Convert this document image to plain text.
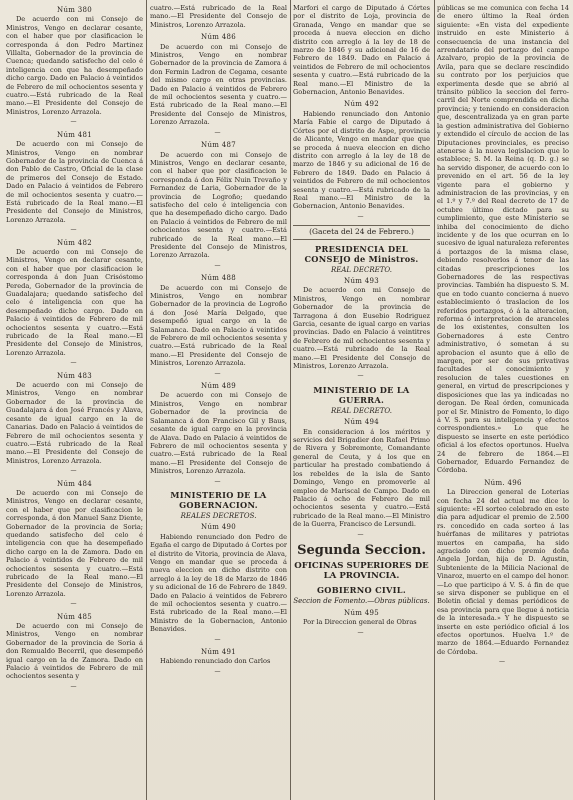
Núm 380

De acuerdo con mi Consejo de Ministros, Vengo en declarar cesante, con el haber que por clasificacion le corresponda á don Pedro Martinez Villalta, Gobernador de la provincia de Cuenca; quedando satisfecho del celo é inteligencia con que ha desempeñado dicho cargo. Dado en Palacio á veintidos de Febrero de mil ochocientos sesenta y cuatro.—Está rubricado de la Real mano.—El Presidente del Consejo de Ministros, Lorenzo Arrazola.

—
Núm 481

De acuerdo con mi Consejo de Ministros, Vengo en nombrar Gobernador de la provincia de Cuenca á don Pablo de Castro, Oficial de la clase de primeros del Consejo de Estado. Dado en Palacio á veintidos de Febrero de mil ochocientos sesenta y cuatro.—Está rubricado de la Real mano.—El Presidente del Consejo de Ministros, Lorenzo Arrazola.

—
Núm 482

De acuerdo con mi Consejo de Ministros, Vengo en declarar cesante, con el haber que por clasificacion le corresponda á don Juan Crisóstomo Pereda, Gobernador de la provincia de Guadalajara; quedando satisfecho del celo é inteligencia con que ha desempeñado dicho cargo. Dado en Palacio á veintidos de Febrero de mil ochocientos sesenta y cuatro.—Está rubricado de la Real mano.—El Presidente del Consejo de Ministros, Lorenzo Arrazola.

—
Núm 483

De acuerdo con mi Consejo de Ministros, Vengo en nombrar Gobernador de la provincia de Guadalajara á don José Francés y Alava, cesante de igual cargo en la de Canarias. Dado en Palacio á veintidos de Febrero de mil ochocientos sesenta y cuatro.—Está rubricado de la Real mano.—El Presidente del Consejo de Ministros, Lorenzo Arrazola.

—
Núm 484

De acuerdo con mi Consejo de Ministros, Vengo en declarar cesante, con el haber que por clasificacion le corresponda, á don Manuel Sanz Diente, Gobernador de la provincia de Soria; quedando satisfecho del celo é inteligencia con que ha desempeñado dicho cargo en la de Zamora. Dado en Palacio á veintidos de Febrero de mil ochocientos sesenta y cuatro.—Está rubricado de la Real mano.—El Presidente del Consejo de Ministros, Lorenzo Arrazola.

—
Núm 485

De acuerdo con mi Consejo de Ministros, Vengo en nombrar Gobernador de la provincia de Soria á don Remualdo Becerril, que desempeñó igual cargo en la de Zamora. Dado en Palacio á veintidos de Febrero de mil ochocientos sesenta y

—

cuatro.—Está rubricado de la Real mano.—El Presidente del Consejo de Ministros, Lorenzo Arrazola.

Núm 486

De acuerdo con mi Consejo de Ministros, Vengo en nombrar Gobernador de la provincia de Zamora á don Fermin Ladron de Cegama, cesante del mismo cargo en otras provincias. Dado en Palacio á veintidos de Febrero de mil ochocientos sesenta y cuatro.—Está rubricado de la Real mano.—El Presidente del Consejo de Ministros, Lorenzo Arrazola.

—
Núm 487

De acuerdo con mi Consejo de Ministros, Vengo en declarar cesante, con el haber que por clasificacion le corresponda á don Félix Nuin Trevaño y Fernandez de Laria, Gobernador de la provincia de Logroño; quedando satisfecho del celo é inteligencia con que ha desempeñado dicho cargo. Dado en Palacio á veintidos de Febrero de mil ochocientos sesenta y cuatro.—Está rubricado de la Real mano.—El Presidente del Consejo de Ministros, Lorenzo Arrazola.

—
Núm 488

De acuerdo con mi Consejo de Ministros, Vengo en nombrar Gobernador de la provincia de Logroño á don José María Delgado, que desempeñó igual cargo en la de Salamanca. Dado en Palacio á veintidos de Febrero de mil ochocientos sesenta y cuatro.—Está rubricado de la Real mano.—El Presidente del Consejo de Ministros, Lorenzo Arrazola.

—
Núm 489

De acuerdo con mi Consejo de Ministros, Vengo en nombrar Gobernador de la provincia de Salamanca á don Francisco Gil y Baus, cesante de igual cargo en la provincia de Alava. Dado en Palacio á veintidos de Febrero de mil ochocientos sesenta y cuatro.—Está rubricado de la Real mano.—El Presidente del Consejo de Ministros, Lorenzo Arrazola.

—
MINISTERIO DE LA GOBERNACION.
REALES DECRETOS.
Núm 490

Habiendo renunciado don Pedro de Egaña el cargo de Diputado á Cortes por el distrito de Vitoria, provincia de Alava, Vengo en mandar que se proceda á nueva eleccion en dicho distrito con arreglo á la ley de 18 de Marzo de 1846 y su adicional de 16 de Febrero de 1849. Dado en Palacio á veintidos de Febrero de mil ochocientos sesenta y cuatro.—Está rubricado de la Real mano.—El Ministro de la Gobernacion, Antonio Benavides.

—
Núm 491

Habiendo renunciado don Carlos

—

Marfori el cargo de Diputado á Córtes por el distrito de Loja, provincia de Granada, Vengo en mandar que se proceda á nueva eleccion en dicho distrito con arreglo á la ley de 18 de marzo de 1846 y su adicional de 16 de Febrero de 1849. Dado en Palacio á veintidos de Febrero de mil ochocientos sesenta y cuatro.—Está rubricado de la Real mano.—El Ministro de la Gobernacion, Antonio Benavides.

Núm 492

Habiendo renunciado don Antonio María Fabie el cargo de Diputado á Córtes por el distrito de Aspe, provincia de Alicante, Vengo en mandar que que se proceda á nueva eleccion en dicho distrito con arreglo á la ley de 18 de marzo de 1846 y su adicional de 16 de Febrero de 1849. Dado en Palacio á veintidos de Febrero de mil ochocientos sesenta y cuatro.—Está rubricado de la Real mano.—El Ministro de la Gobernacion, Antonio Benavides.

—
(Gaceta del 24 de Febrero.)
PRESIDENCIA DEL CONSEJO de Ministros.
REAL DECRETO.
Núm 493

De acuerdo con mi Consejo de Ministros, Vengo en nombrar Gobernador de la provincia de Tarragona á don Eusebio Rodriguez Garcia, cesante de igual cargo en varias provincias. Dado en Palacio á veintitres de Febrero de mil ochocientos sesenta y cuatro.—Está rubricado de la Real mano.—El Presidente del Consejo de Ministros, Lorenzo Arrazola.

—
MINISTERIO DE LA GUERRA.
REAL DECRETO.
Núm 494

En consideracion á los méritos y servicios del Brigadier don Rafael Primo de Rivera y Sobremonte, Comandante general de Ceuta, y á los que en particular ha prestado combatiendo á los rebeldes de la isla de Santo Domingo, Vengo en promoverle al empleo de Mariscal de Campo. Dado en Palacio á ocho de Febrero de mil ochocientos sesenta y cuatro.—Está rubricado de la Real mano.—El Ministro de la Guerra, Francisco de Lersundi.

—
Segunda Seccion.
OFICINAS SUPERIORES DE LA PROVINCIA.
GOBIERNO CIVIL.
Seccion de Fomento.—Obras públicas.
Núm 495

Por la Direccion general de Obras

—

públicas se me comunica con fecha 14 de enero último la Real órden siguiente: «En vista del expediente instruido en este Ministerio á consecuencia de una instancia del arrendatario del portazgo del campo Azalvaro, propio de la provincia de Avila, para que se declare rescindido su contrato por los perjuicios que experimenta desde que se abrió al tránsito público la seccion del ferro-carril del Norte comprendida en dicha provincia; y teniendo en consideracion que, descentralizada ya en gran parte la gestion administrativa del Gobierno y extendido el círculo de accion de las Diputaciones provinciales, es preciso atenerse á la nueva legislacion que lo establece; S. M. la Reina (q. D. g.) se ha servido disponer, de acuerdo con lo prevenido en el art. 56 de la ley vigente para el gobierno y administracion de las provincias, y en el 1.º y 7.º del Real decreto de 17 de octubre último dictado para su cumplimiento, que este Ministerio se inhiba del conocimiento de dicho incidente y de los que ocurran en lo sucesivo de igual naturaleza referentes á portazgos de la misma clase, debiendo resolverlos á tenor de las citadas prescripciones los Gobernadores de las respectivas provincias. También ha dispuesto S. M. que en todo cuanto concierna á nuevo establecimiento ó traslacion de los referidos portazgos, ó á la alteracion, reforma ó interpretacion de aranceles de los existentes, consulten los Gobernadores á este Centro administrativo, ó sometan á su aprobacion el asunto que á ello de margen, por ser de sus privativas facultades el conocimiento y resolucion de tales cuestiones en general, en virtud de prescripciones y disposiciones que las ya indicadas no derogan. De Real órden, comunicada por el Sr. Ministro de Fomento, lo digo á V. S. para su inteligencia y efectos correspondientes.» Lo que he dispuesto se inserte en este periódico oficial á los efectos oportunos. Huelva 24 de febrero de 1864.—El Gobernador, Eduardo Fernandez de Córdoba.

Núm. 496

La Direccion general de Loterias con fecha 24 del actual me dice lo siguiente: «El sorteo celebrado en este dia para adjudicar el premio de 2.500 rs. concedido en cada sorteo á las huérfanas de militares y patriotas muertos en campaña, ha sido agraciado con dicho premio doña Angela Jordan, hija de D. Agustin, Subteniente de la Milicia Nacional de Vinaroz, muerto en el campo del honor.—Lo que participo á V. S. á fin de que se sirva disponer se publique en el Boletin oficial y demas periódicos de esa provincia para que llegue á noticia de la interesada.» Y he dispuesto se inserte en este periódico oficial á los efectos oportunos. Huelva 1.º de marzo de 1864.—Eduardo Fernandez de Córdoba.

—
